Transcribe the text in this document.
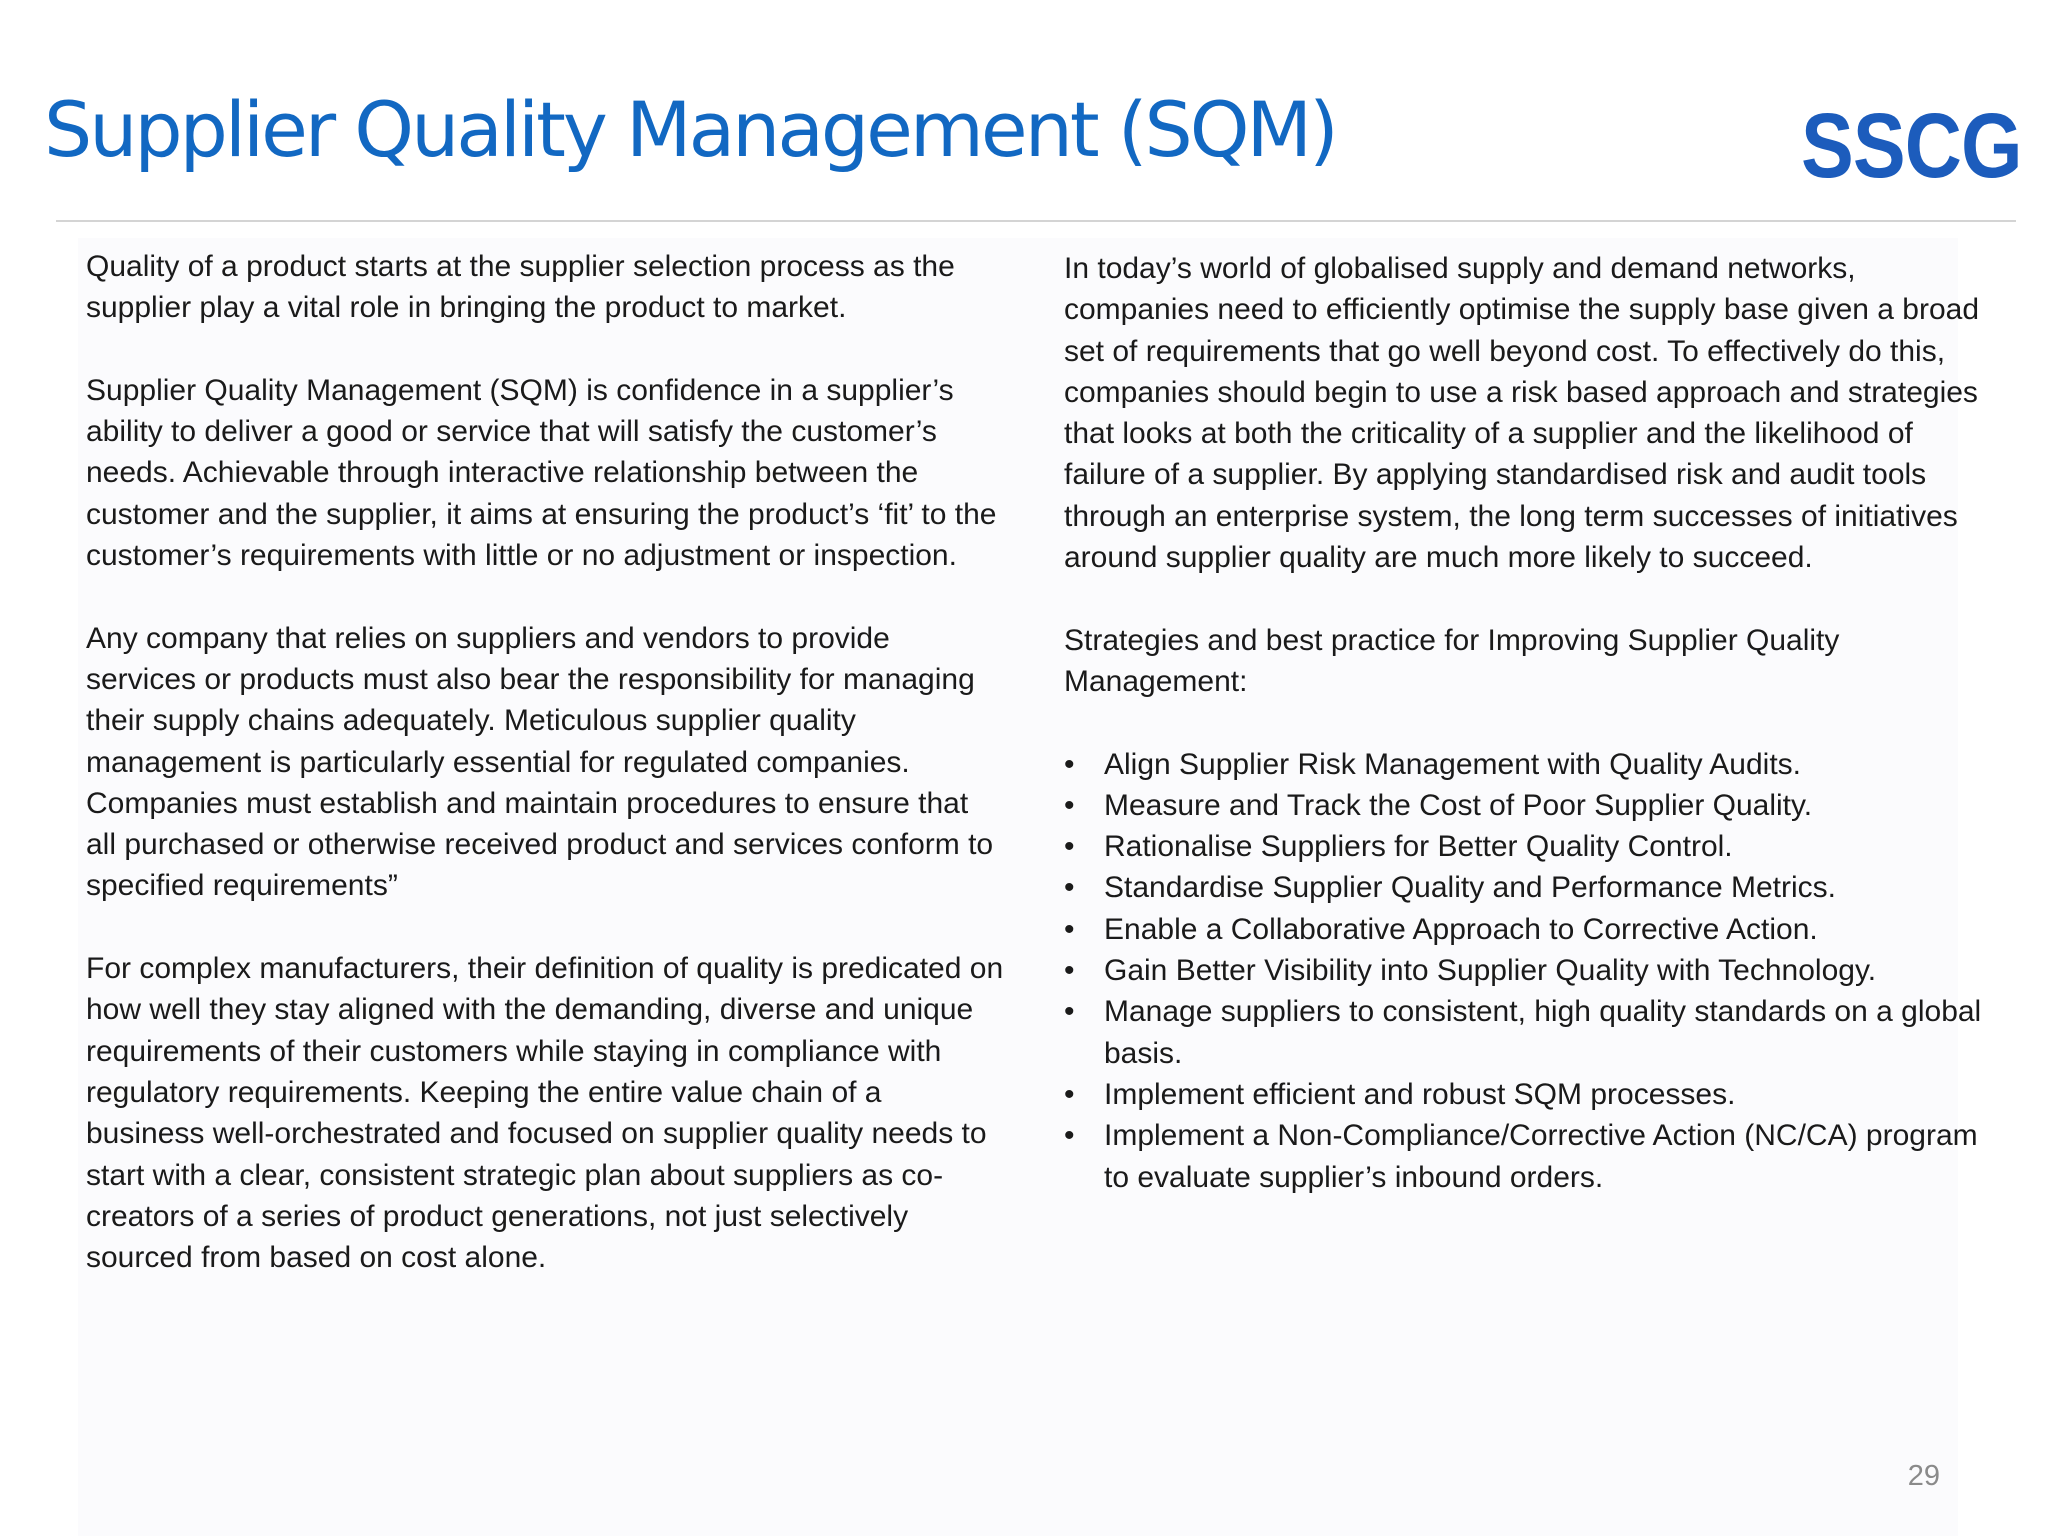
Supplier Quality Management (SQM)	SSCG

Quality of a product starts at the supplier selection process as the supplier play a vital role in bringing the product to market.

Supplier Quality Management (SQM) is confidence in a supplier’s ability to deliver a good or service that will satisfy the customer’s needs. Achievable through interactive relationship between the customer and the supplier, it aims at ensuring the product’s ‘fit’ to the customer’s requirements with little or no adjustment or inspection.

Any company that relies on suppliers and vendors to provide services or products must also bear the responsibility for managing their supply chains adequately. Meticulous supplier quality management is particularly essential for regulated companies. Companies must establish and maintain procedures to ensure that all purchased or otherwise received product and services conform to specified requirements”

For complex manufacturers, their definition of quality is predicated on how well they stay aligned with the demanding, diverse and unique requirements of their customers while staying in compliance with regulatory requirements. Keeping the entire value chain of a business well-orchestrated and focused on supplier quality needs to start with a clear, consistent strategic plan about suppliers as co-creators of a series of product generations, not just selectively sourced from based on cost alone.

In today’s world of globalised supply and demand networks, companies need to efficiently optimise the supply base given a broad set of requirements that go well beyond cost. To effectively do this, companies should begin to use a risk based approach and strategies that looks at both the criticality of a supplier and the likelihood of failure of a supplier. By applying standardised risk and audit tools through an enterprise system, the long term successes of initiatives around supplier quality are much more likely to succeed.

Strategies and best practice for Improving Supplier Quality Management:

• Align Supplier Risk Management with Quality Audits.
• Measure and Track the Cost of Poor Supplier Quality.
• Rationalise Suppliers for Better Quality Control.
• Standardise Supplier Quality and Performance Metrics.
• Enable a Collaborative Approach to Corrective Action.
• Gain Better Visibility into Supplier Quality with Technology.
• Manage suppliers to consistent, high quality standards on a global basis.
• Implement efficient and robust SQM processes.
• Implement a Non-Compliance/Corrective Action (NC/CA) program to evaluate supplier’s inbound orders.
29
